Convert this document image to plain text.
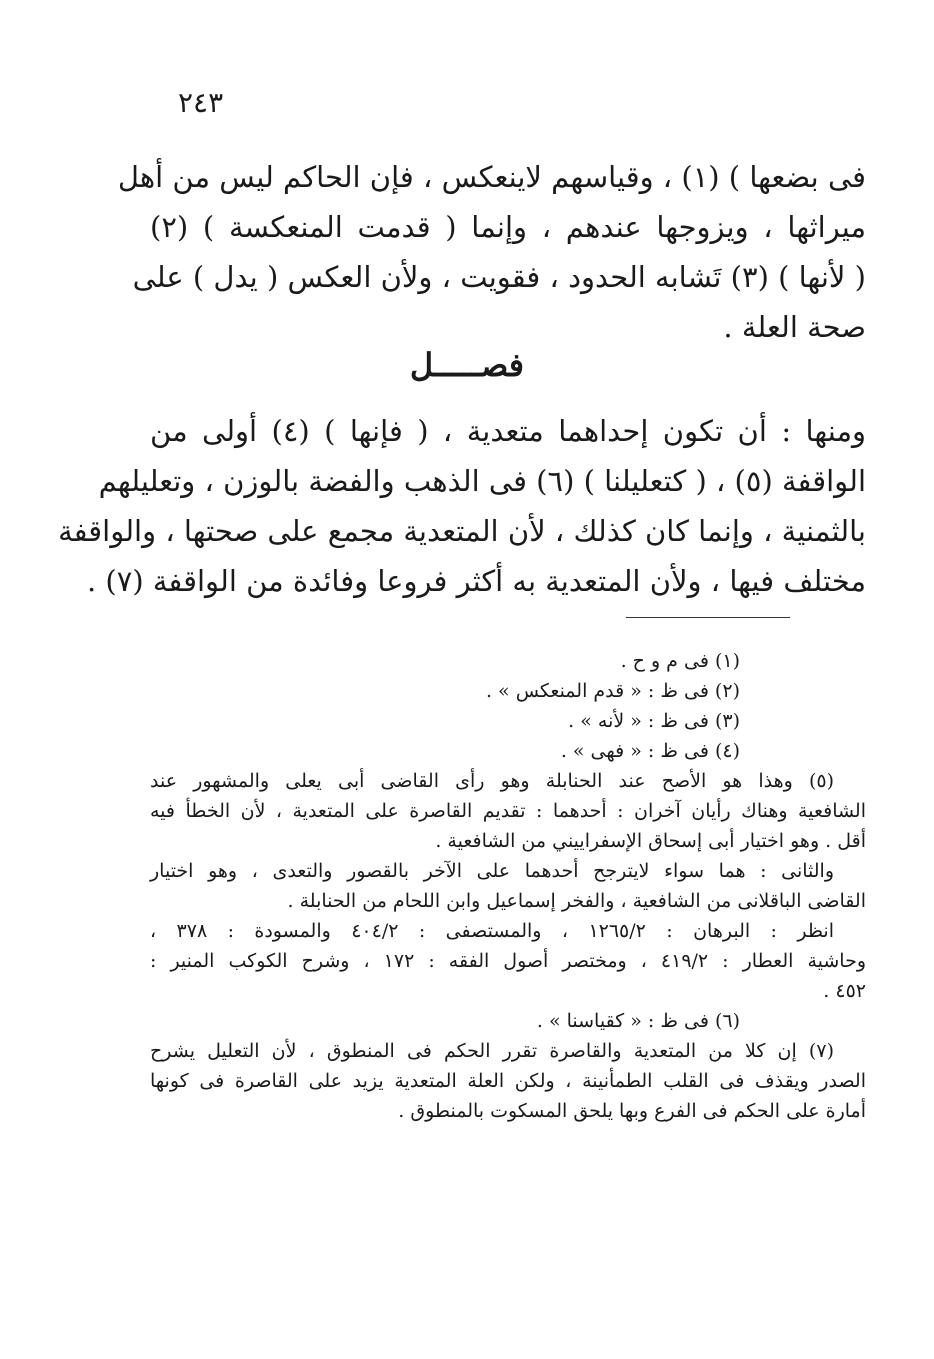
٢٤٣
فى بضعها ) (١) ، وقياسهم لاينعكس ، فإن الحاكم ليس من أهل
ميراثها ، ويزوجها عندهم ، وإنما ( قدمت المنعكسة ) (٢)
( لأنها ) (٣) تَشابه الحدود ، فقويت ، ولأن العكس ( يدل ) على
صحة العلة .
فصـــــل
ومنها : أن تكون إحداهما متعدية ، ( فإنها ) (٤) أولى من
الواقفة (٥) ، ( كتعليلنا ) (٦) فى الذهب والفضة بالوزن ، وتعليلهم
بالثمنية ، وإنما كان كذلك ، لأن المتعدية مجمع على صحتها ، والواقفة
مختلف فيها ، ولأن المتعدية به أكثر فروعا وفائدة من الواقفة (٧) .
(١) فى م و ح .
(٢) فى ظ : « قدم المنعكس » .
(٣) فى ظ : « لأنه » .
(٤) فى ظ : « فهى » .
(٥) وهذا هو الأصح عند الحنابلة وهو رأى القاضى أبى يعلى والمشهور عند
الشافعية وهناك رأيان آخران : أحدهما : تقديم القاصرة على المتعدية ، لأن الخطأ فيه
أقل . وهو اختيار أبى إسحاق الإسفراييني من الشافعية .
والثانى : هما سواء لايترجح أحدهما على الآخر بالقصور والتعدى ، وهو اختيار
القاضى الباقلانى من الشافعية ، والفخر إسماعيل وابن اللحام من الحنابلة .
انظر : البرهان : ١٢٦٥/٢ ، والمستصفى : ٤٠٤/٢ والمسودة : ٣٧٨ ،
وحاشية العطار : ٤١٩/٢ ، ومختصر أصول الفقه : ١٧٢ ، وشرح الكوكب المنير :
٤٥٢ .
(٦) فى ظ : « كقياسنا » .
(٧) إن كلا من المتعدية والقاصرة تقرر الحكم فى المنطوق ، لأن التعليل يشرح
الصدر ويقذف فى القلب الطمأنينة ، ولكن العلة المتعدية يزيد على القاصرة فى كونها
أمارة على الحكم فى الفرع وبها يلحق المسكوت بالمنطوق .
